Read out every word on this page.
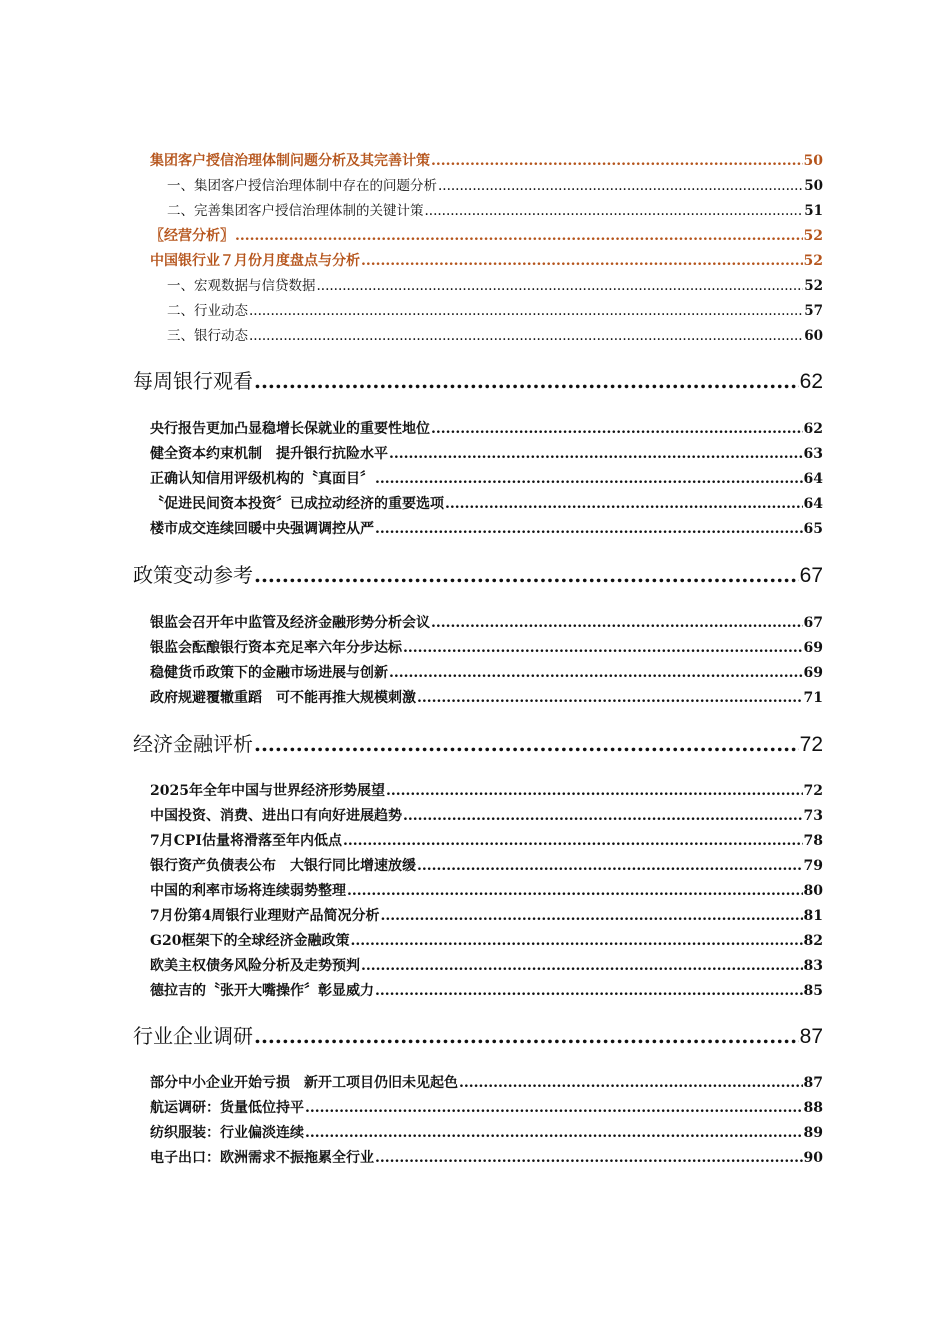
集团客户授信治理体制问题分析及其完善计策 .....	50
一、集团客户授信治理体制中存在的问题分析 .....	50
二、完善集团客户授信治理体制的关键计策 .....	51
〖经营分析〗 .....	52
中国银行业７月份月度盘点与分析 .....	52
一、宏观数据与信贷数据 .....	52
二、行业动态 .....	57
三、银行动态 .....	60
每周银行观看 .....	62
央行报告更加凸显稳增长保就业的重要性地位 .....	62
健全资本约束机制　提升银行抗险水平 .....	63
正确认知信用评级机构的〝真面目〞 .....	64
〝促进民间资本投资〞已成拉动经济的重要选项 .....	64
楼市成交连续回暖中央强调调控从严 .....	65
政策变动参考 .....	67
银监会召开年中监管及经济金融形势分析会议 .....	67
银监会酝酿银行资本充足率六年分步达标 .....	69
稳健货币政策下的金融市场进展与创新 .....	69
政府规避覆辙重蹈　可不能再推大规模刺激 .....	71
经济金融评析 .....	72
2025年全年中国与世界经济形势展望 .....	72
中国投资、消费、进出口有向好进展趋势 .....	73
7月CPI估量将滑落至年内低点 .....	78
银行资产负债表公布　大银行同比增速放缓 .....	79
中国的利率市场将连续弱势整理 .....	80
7月份第4周银行业理财产品简况分析 .....	81
G20框架下的全球经济金融政策 .....	82
欧美主权债务风险分析及走势预判 .....	83
德拉吉的〝张开大嘴操作〞彰显威力 .....	85
行业企业调研 .....	87
部分中小企业开始亏损　新开工项目仍旧未见起色 .....	87
航运调研：货量低位持平 .....	88
纺织服装：行业偏淡连续 .....	89
电子出口：欧洲需求不振拖累全行业 .....	90
